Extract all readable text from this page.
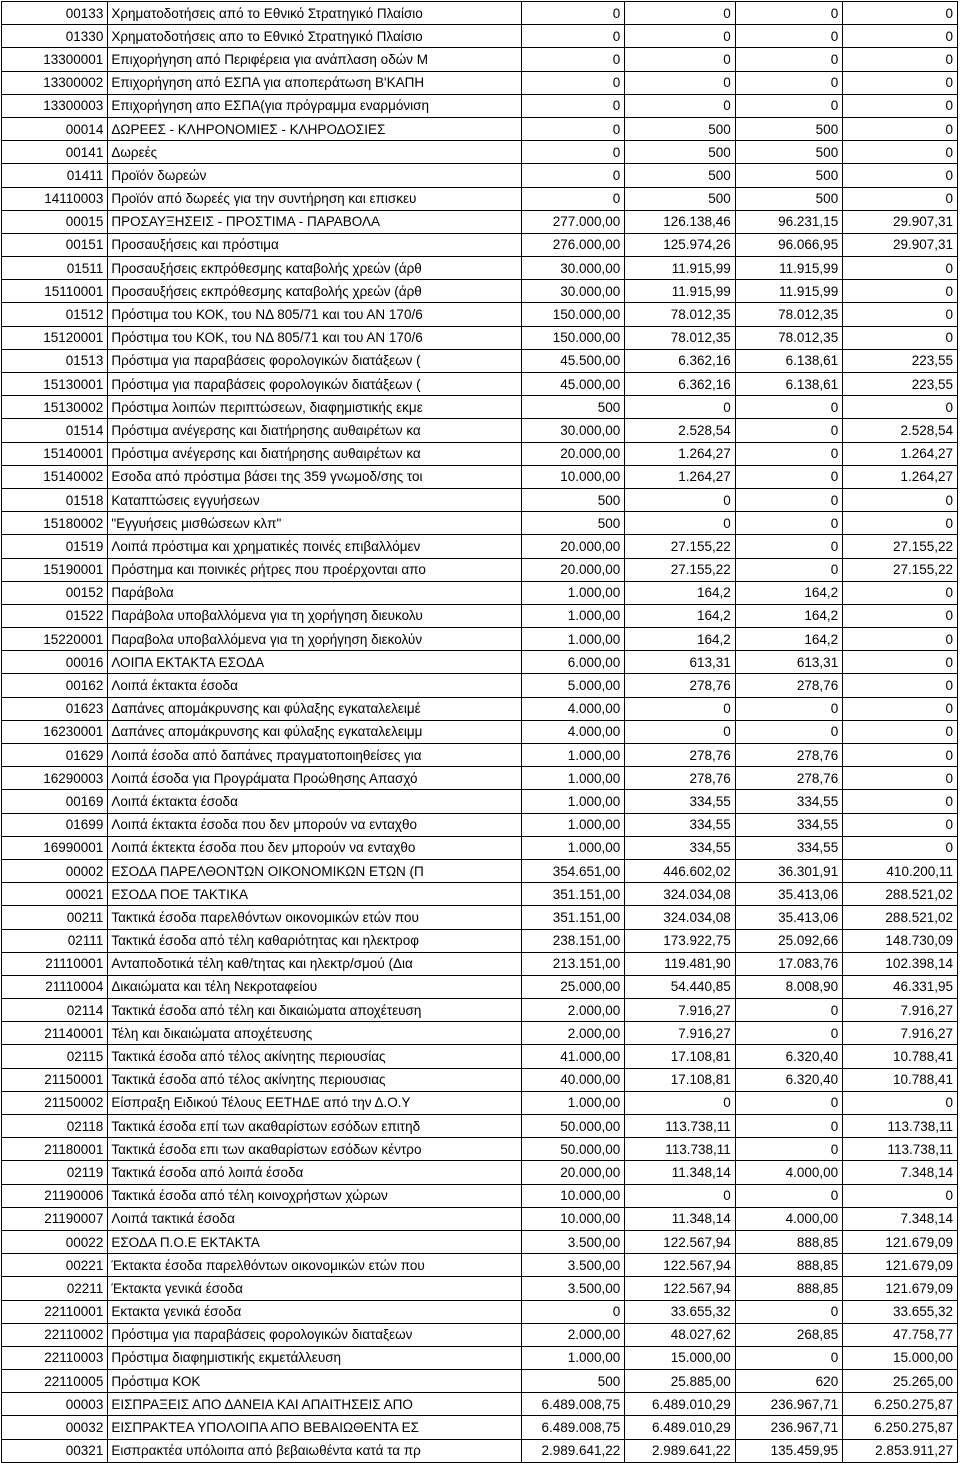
00133	Χρηματοδοτήσεις από το Εθνικό Στρατηγικό Πλαίσιο	0	0	0	0
01330	Χρηματοδοτήσεις απο το Εθνικό Στρατηγικό Πλαίσιο	0	0	0	0
13300001	Επιχορήγηση από Περιφέρεια για ανάπλαση οδών Μ	0	0	0	0
13300002	Επιχορήγηση από ΕΣΠΑ για αποπεράτωση Β'ΚΑΠΗ	0	0	0	0
13300003	Επιχορήγηση απο ΕΣΠΑ(για πρόγραμμα εναρμόνιση	0	0	0	0
00014	ΔΩΡΕΕΣ - ΚΛΗΡΟΝΟΜΙΕΣ - ΚΛΗΡΟΔΟΣΙΕΣ	0	500	500	0
00141	Δωρεές	0	500	500	0
01411	Προϊόν δωρεών	0	500	500	0
14110003	Προϊόν από δωρεές για την συντήρηση και επισκευ	0	500	500	0
00015	ΠΡΟΣΑΥΞΗΣΕΙΣ - ΠΡΟΣΤΙΜΑ - ΠΑΡΑΒΟΛΑ	277.000,00	126.138,46	96.231,15	29.907,31
00151	Προσαυξήσεις και πρόστιμα	276.000,00	125.974,26	96.066,95	29.907,31
01511	Προσαυξήσεις εκπρόθεσμης καταβολής χρεών (άρθ	30.000,00	11.915,99	11.915,99	0
15110001	Προσαυξήσεις εκπρόθεσμης καταβολής χρεών (άρθ	30.000,00	11.915,99	11.915,99	0
01512	Πρόστιμα του ΚΟΚ, του ΝΔ 805/71 και του ΑΝ 170/6	150.000,00	78.012,35	78.012,35	0
15120001	Πρόστιμα του ΚΟΚ, του ΝΔ 805/71 και του ΑΝ 170/6	150.000,00	78.012,35	78.012,35	0
01513	Πρόστιμα για παραβάσεις φορολογικών διατάξεων (	45.500,00	6.362,16	6.138,61	223,55
15130001	Πρόστιμα για παραβάσεις φορολογικών διατάξεων (	45.000,00	6.362,16	6.138,61	223,55
15130002	Πρόστιμα λοιπών περιπτώσεων, διαφημιστικής εκμε	500	0	0	0
01514	Πρόστιμα ανέγερσης και διατήρησης αυθαιρέτων κα	30.000,00	2.528,54	0	2.528,54
15140001	Πρόστιμα ανέγερσης και διατήρησης αυθαιρέτων κα	20.000,00	1.264,27	0	1.264,27
15140002	Εσοδα από πρόστιμα βάσει της 359 γνωμοδ/σης τοι	10.000,00	1.264,27	0	1.264,27
01518	Καταπτώσεις εγγυήσεων	500	0	0	0
15180002	"Εγγυήσεις μισθώσεων κλπ"	500	0	0	0
01519	Λοιπά πρόστιμα και χρηματικές ποινές επιβαλλόμεν	20.000,00	27.155,22	0	27.155,22
15190001	Πρόστημα και ποινικές ρήτρες που προέρχονται απο	20.000,00	27.155,22	0	27.155,22
00152	Παράβολα	1.000,00	164,2	164,2	0
01522	Παράβολα υποβαλλόμενα για τη χορήγηση διευκολυ	1.000,00	164,2	164,2	0
15220001	Παραβολα υποβαλλόμενα για τη χορήγηση διεκολύν	1.000,00	164,2	164,2	0
00016	ΛΟΙΠΑ ΕΚΤΑΚΤΑ ΕΣΟΔΑ	6.000,00	613,31	613,31	0
00162	Λοιπά έκτακτα έσοδα	5.000,00	278,76	278,76	0
01623	Δαπάνες απομάκρυνσης και φύλαξης εγκαταλελειμέ	4.000,00	0	0	0
16230001	Δαπάνες απομάκρυνσης και φύλαξης εγκαταλελειμμ	4.000,00	0	0	0
01629	Λοιπά έσοδα από δαπάνες πραγματοποιηθείσες για	1.000,00	278,76	278,76	0
16290003	Λοιπά έσοδα για Προγράματα Προώθησης Απασχό	1.000,00	278,76	278,76	0
00169	Λοιπά έκτακτα έσοδα	1.000,00	334,55	334,55	0
01699	Λοιπά έκτακτα έσοδα που δεν μπορούν να ενταχθο	1.000,00	334,55	334,55	0
16990001	Λοιπά έκτεκτα έσοδα που δεν μπορούν να ενταχθο	1.000,00	334,55	334,55	0
00002	ΕΣΟΔΑ ΠΑΡΕΛΘΟΝΤΩΝ ΟΙΚΟΝΟΜΙΚΩΝ ΕΤΩΝ (Π	354.651,00	446.602,02	36.301,91	410.200,11
00021	ΕΣΟΔΑ ΠΟΕ ΤΑΚΤΙΚΑ	351.151,00	324.034,08	35.413,06	288.521,02
00211	Τακτικά έσοδα παρελθόντων οικονομικών ετών που	351.151,00	324.034,08	35.413,06	288.521,02
02111	Τακτικά έσοδα από τέλη καθαριότητας και ηλεκτροφ	238.151,00	173.922,75	25.092,66	148.730,09
21110001	Ανταποδοτικά τέλη καθ/τητας και ηλεκτρ/σμού (Δια	213.151,00	119.481,90	17.083,76	102.398,14
21110004	Δικαιώματα και τέλη Νεκροταφείου	25.000,00	54.440,85	8.008,90	46.331,95
02114	Τακτικά έσοδα από τέλη και δικαιώματα αποχέτευση	2.000,00	7.916,27	0	7.916,27
21140001	Τέλη και δικαιώματα αποχέτευσης	2.000,00	7.916,27	0	7.916,27
02115	Τακτικά έσοδα από τέλος ακίνητης περιουσίας	41.000,00	17.108,81	6.320,40	10.788,41
21150001	Τακτικά έσοδα από τέλος ακίνητης περιουσιας	40.000,00	17.108,81	6.320,40	10.788,41
21150002	Είσπραξη Ειδικού Τέλους ΕΕΤΗΔΕ από την Δ.Ο.Υ	1.000,00	0	0	0
02118	Τακτικά έσοδα επί των ακαθαρίστων εσόδων επιτηδ	50.000,00	113.738,11	0	113.738,11
21180001	Τακτικά έσοδα επι των ακαθαρίστων εσόδων κέντρο	50.000,00	113.738,11	0	113.738,11
02119	Τακτικά έσοδα από λοιπά έσοδα	20.000,00	11.348,14	4.000,00	7.348,14
21190006	Τακτικά έσοδα από τέλη κοινοχρήστων χώρων	10.000,00	0	0	0
21190007	Λοιπά τακτικά έσοδα	10.000,00	11.348,14	4.000,00	7.348,14
00022	ΕΣΟΔΑ Π.Ο.Ε ΕΚΤΑΚΤΑ	3.500,00	122.567,94	888,85	121.679,09
00221	Έκτακτα έσοδα παρελθόντων οικονομικών ετών που	3.500,00	122.567,94	888,85	121.679,09
02211	Έκτακτα γενικά έσοδα	3.500,00	122.567,94	888,85	121.679,09
22110001	Εκτακτα γενικά έσοδα	0	33.655,32	0	33.655,32
22110002	Πρόστιμα για παραβάσεις φορολογικών διαταξεων	2.000,00	48.027,62	268,85	47.758,77
22110003	Πρόστιμα διαφημιστικής εκμετάλλευση	1.000,00	15.000,00	0	15.000,00
22110005	Πρόστιμα ΚΟΚ	500	25.885,00	620	25.265,00
00003	ΕΙΣΠΡΑΞΕΙΣ ΑΠΟ ΔΑΝΕΙΑ ΚΑΙ ΑΠΑΙΤΗΣΕΙΣ ΑΠΟ	6.489.008,75	6.489.010,29	236.967,71	6.250.275,87
00032	ΕΙΣΠΡΑΚΤΕΑ ΥΠΟΛΟΙΠΑ ΑΠΟ ΒΕΒΑΙΩΘΕΝΤΑ ΕΣ	6.489.008,75	6.489.010,29	236.967,71	6.250.275,87
00321	Εισπρακτέα υπόλοιπα από βεβαιωθέντα κατά τα πρ	2.989.641,22	2.989.641,22	135.459,95	2.853.911,27
